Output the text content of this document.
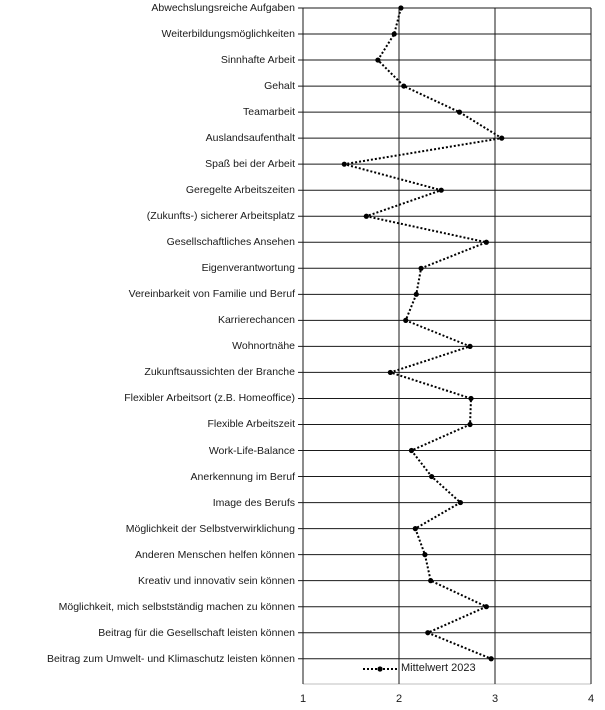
Abwechslungsreiche Aufgaben
Weiterbildungsmöglichkeiten
Sinnhafte Arbeit
Gehalt
Teamarbeit
Auslandsaufenthalt
Spaß bei der Arbeit
Geregelte Arbeitszeiten
(Zukunfts-) sicherer Arbeitsplatz
Gesellschaftliches Ansehen
Eigenverantwortung
Vereinbarkeit von Familie und Beruf
Karrierechancen
Wohnortnähe
Zukunftsaussichten der Branche
Flexibler Arbeitsort (z.B. Homeoffice)
Flexible Arbeitszeit
Work-Life-Balance
Anerkennung im Beruf
Image des Berufs
Möglichkeit der Selbstverwirklichung
Anderen Menschen helfen können
Kreativ und innovativ sein können
Möglichkeit, mich selbstständig machen zu können
Beitrag für die Gesellschaft leisten können
Beitrag zum Umwelt- und Klimaschutz leisten können
1	2	3	4
Mittelwert 2023
